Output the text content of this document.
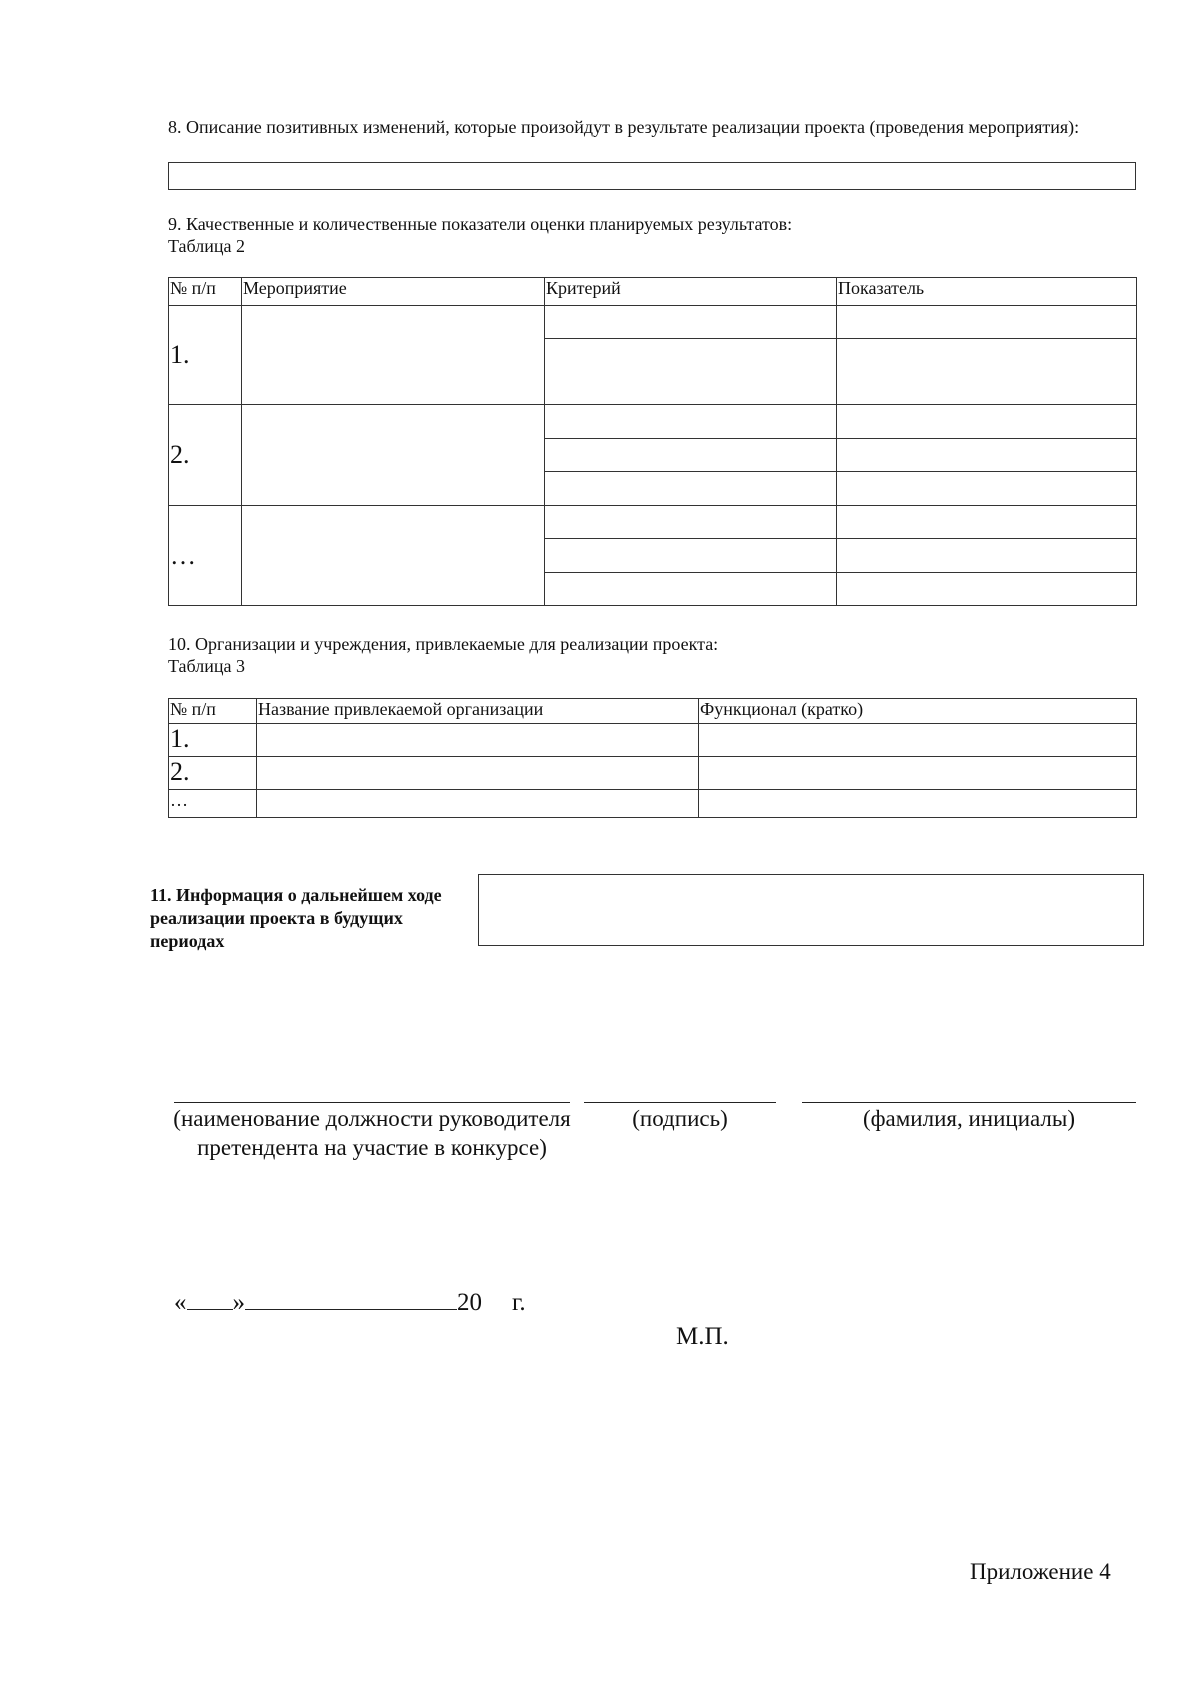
8. Описание позитивных изменений, которые произойдут в результате реализации проекта (проведения мероприятия):
9. Качественные и количественные показатели оценки планируемых результатов:
Таблица 2
№ п/п	Мероприятие	Критерий	Показатель
1.			

2.			

…			

10. Организации и учреждения, привлекаемые для реализации проекта:
Таблица 3
№ п/п	Название привлекаемой организации	Функционал (кратко)
1.		
2.		
…		
11. Информация о дальнейшем ходе реализации проекта в будущих периодах
(наименование должности руководителя претендента на участие в конкурсе)
(подпись)	(фамилия, инициалы)
« »	20 г.
М.П.
Приложение 4
